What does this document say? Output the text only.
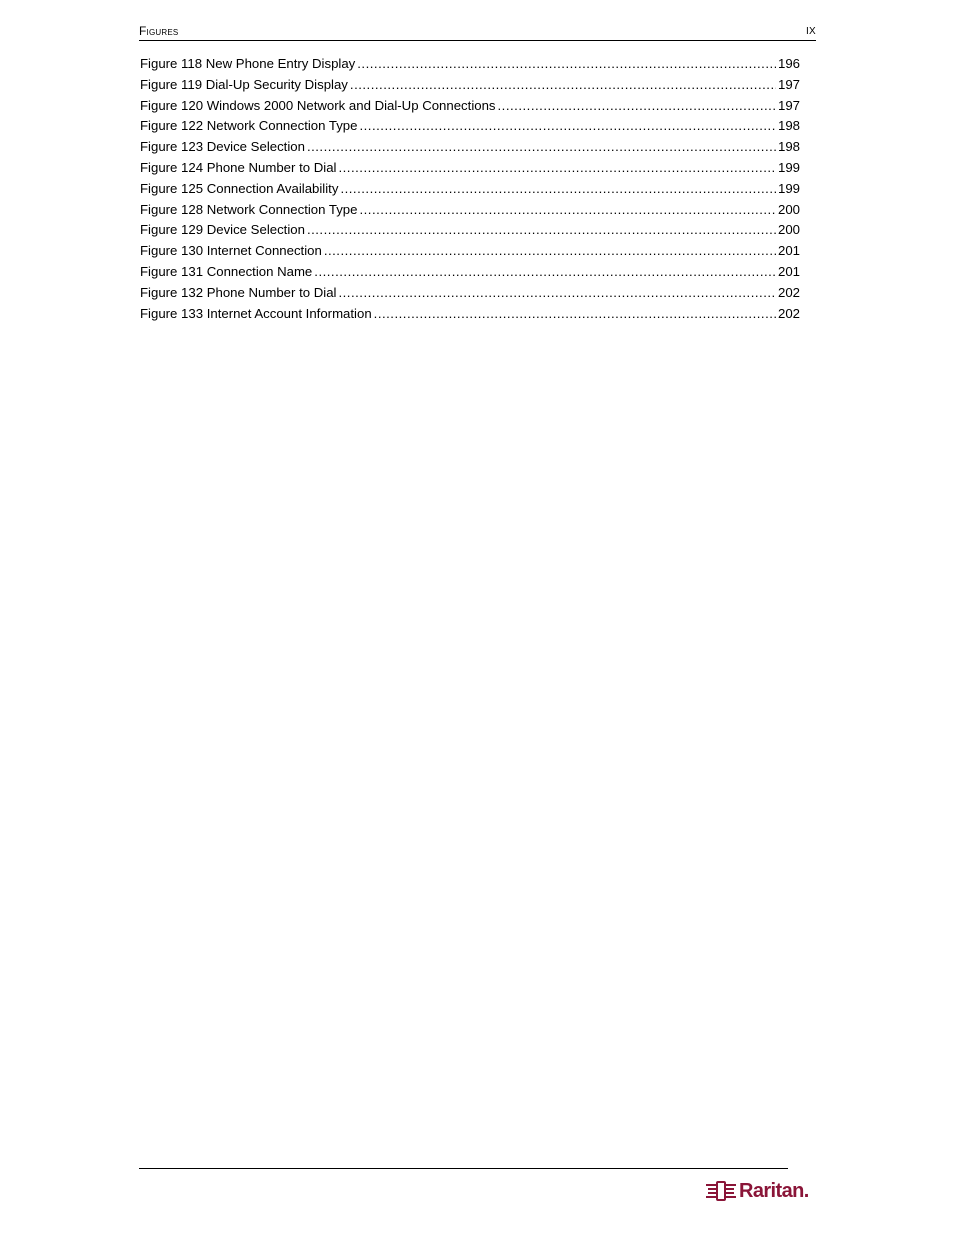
Figures	IX
Figure 118 New Phone Entry Display .....	196
Figure 119 Dial-Up Security Display .....	197
Figure 120 Windows 2000 Network and Dial-Up Connections .....	197
Figure 122 Network Connection Type .....	198
Figure 123 Device Selection .....	198
Figure 124 Phone Number to Dial .....	199
Figure 125 Connection Availability .....	199
Figure 128 Network Connection Type .....	200
Figure 129 Device Selection .....	200
Figure 130 Internet Connection .....	201
Figure 131 Connection Name .....	201
Figure 132 Phone Number to Dial .....	202
Figure 133 Internet Account Information .....	202
Raritan.
